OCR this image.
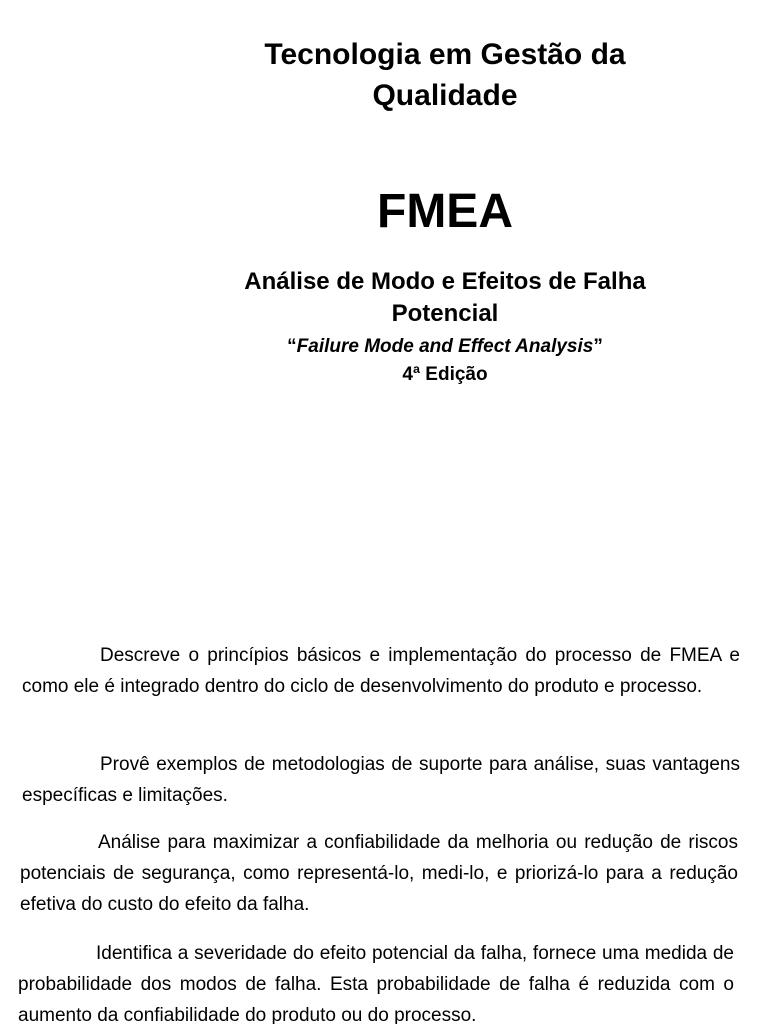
Tecnologia em Gestão da Qualidade
FMEA
Análise de Modo e Efeitos de Falha Potencial
“Failure Mode and Effect Analysis”
4ª Edição

Descreve o princípios básicos e implementação do processo de FMEA e como ele é integrado dentro do ciclo de desenvolvimento do produto e processo.

Provê exemplos de metodologias de suporte para análise, suas vantagens específicas e limitações.

Análise para maximizar a confiabilidade da melhoria ou redução de riscos potenciais de segurança, como representá-lo, medi-lo, e priorizá-lo para a redução efetiva do custo do efeito da falha.

Identifica a severidade do efeito potencial da falha, fornece uma medida de probabilidade dos modos de falha. Esta probabilidade de falha é reduzida com o aumento da confiabilidade do produto ou do processo.
